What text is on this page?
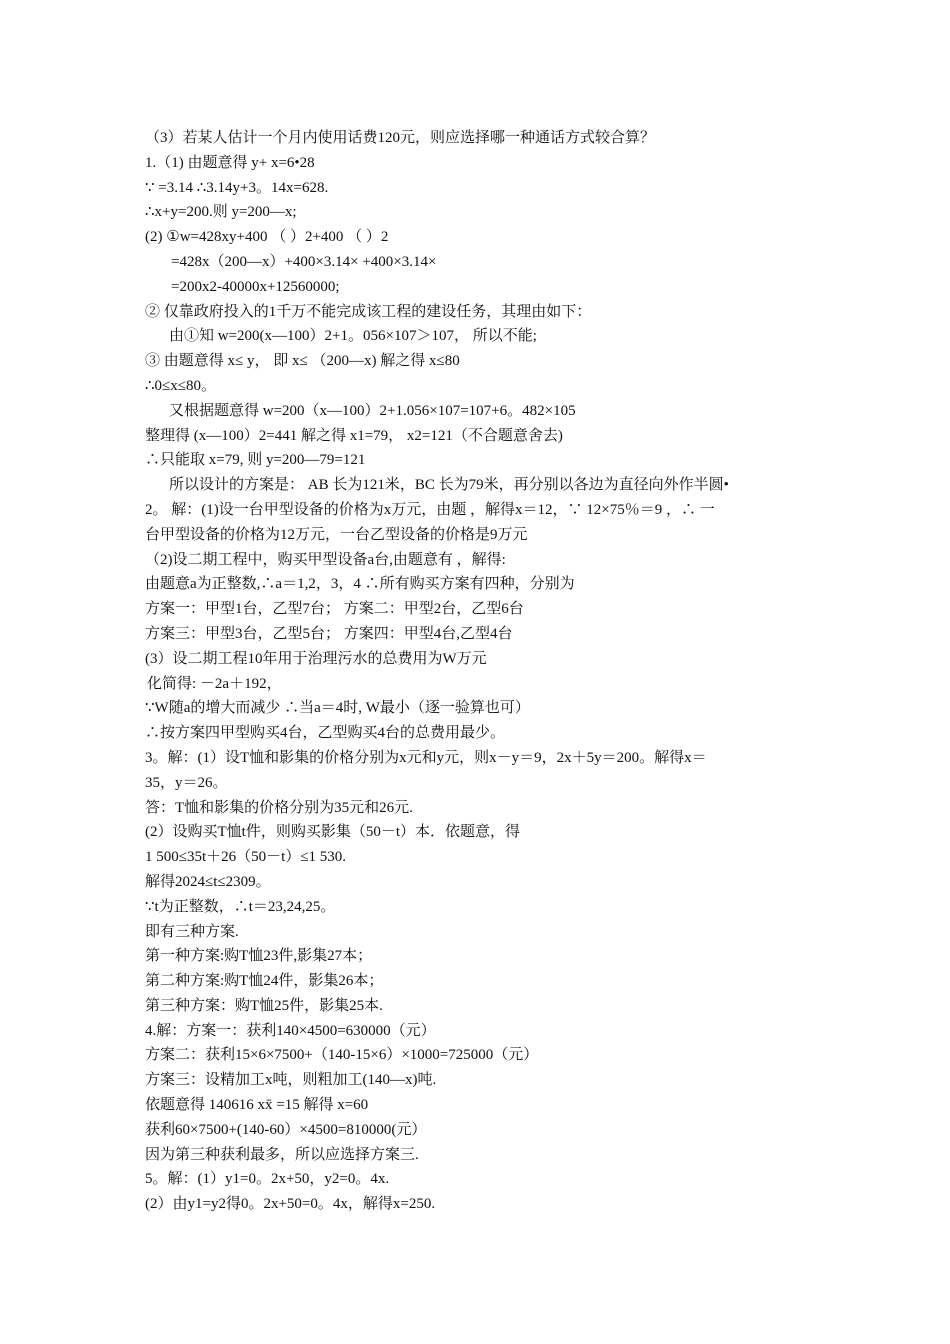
（3）若某人估计一个月内使用话费120元，则应选择哪一种通话方式较合算？
1.（1) 由题意得 y+ x=6•28
∵ =3.14 ∴3.14y+3。14x=628.
∴x+y=200.则 y=200—x;
(2) ①w=428xy+400 （ ）2+400 （ ）2
=428x（200—x）+400×3.14× +400×3.14×
=200x2-40000x+12560000;
② 仅靠政府投入的1千万不能完成该工程的建设任务，其理由如下：
由①知 w=200(x—100）2+1。056×107＞107， 所以不能;
③ 由题意得 x≤ y， 即 x≤ （200—x) 解之得 x≤80
∴0≤x≤80。
又根据题意得 w=200（x—100）2+1.056×107=107+6。482×105
整理得 (x—100）2=441 解之得 x1=79， x2=121（不合题意舍去)
∴只能取 x=79, 则 y=200—79=121
所以设计的方案是： AB 长为121米，BC 长为79米，再分别以各边为直径向外作半圆•
2。 解：(1)设一台甲型设备的价格为x万元，由题 ，解得x＝12，∵ 12×75％＝9 ，∴ 一
台甲型设备的价格为12万元，一台乙型设备的价格是9万元
（2)设二期工程中，购买甲型设备a台,由题意有 ，解得:
由题意a为正整数,∴a＝1,2，3，4 ∴所有购买方案有四种，分别为
方案一：甲型1台，乙型7台； 方案二：甲型2台，乙型6台
方案三：甲型3台，乙型5台； 方案四：甲型4台,乙型4台
(3）设二期工程10年用于治理污水的总费用为W万元
化简得: －2a＋192，
∵W随a的增大而减少 ∴当a＝4时, W最小（逐一验算也可）
∴按方案四甲型购买4台，乙型购买4台的总费用最少。
3。解：(1）设T恤和影集的价格分别为x元和y元，则x－y＝9，2x＋5y＝200。解得x＝
35，y＝26。
答：T恤和影集的价格分别为35元和26元.
(2）设购买T恤t件，则购买影集（50－t）本．依题意，得
1 500≤35t＋26（50－t）≤1 530.
解得2024≤t≤2309。
∵t为正整数，∴t＝23,24,25。
即有三种方案.
第一种方案:购T恤23件,影集27本；
第二种方案:购T恤24件，影集26本；
第三种方案：购T恤25件，影集25本.
4.解：方案一：获利140×4500=630000（元）
方案二：获利15×6×7500+（140-15×6）×1000=725000（元）
方案三：设精加工x吨，则粗加工(140—x)吨.
依题意得 140616 xx̄ =15 解得 x=60
获利60×7500+(140-60）×4500=810000(元）
因为第三种获利最多，所以应选择方案三.
5。解：(1）y1=0。2x+50，y2=0。4x.
(2）由y1=y2得0。2x+50=0。4x，解得x=250.
